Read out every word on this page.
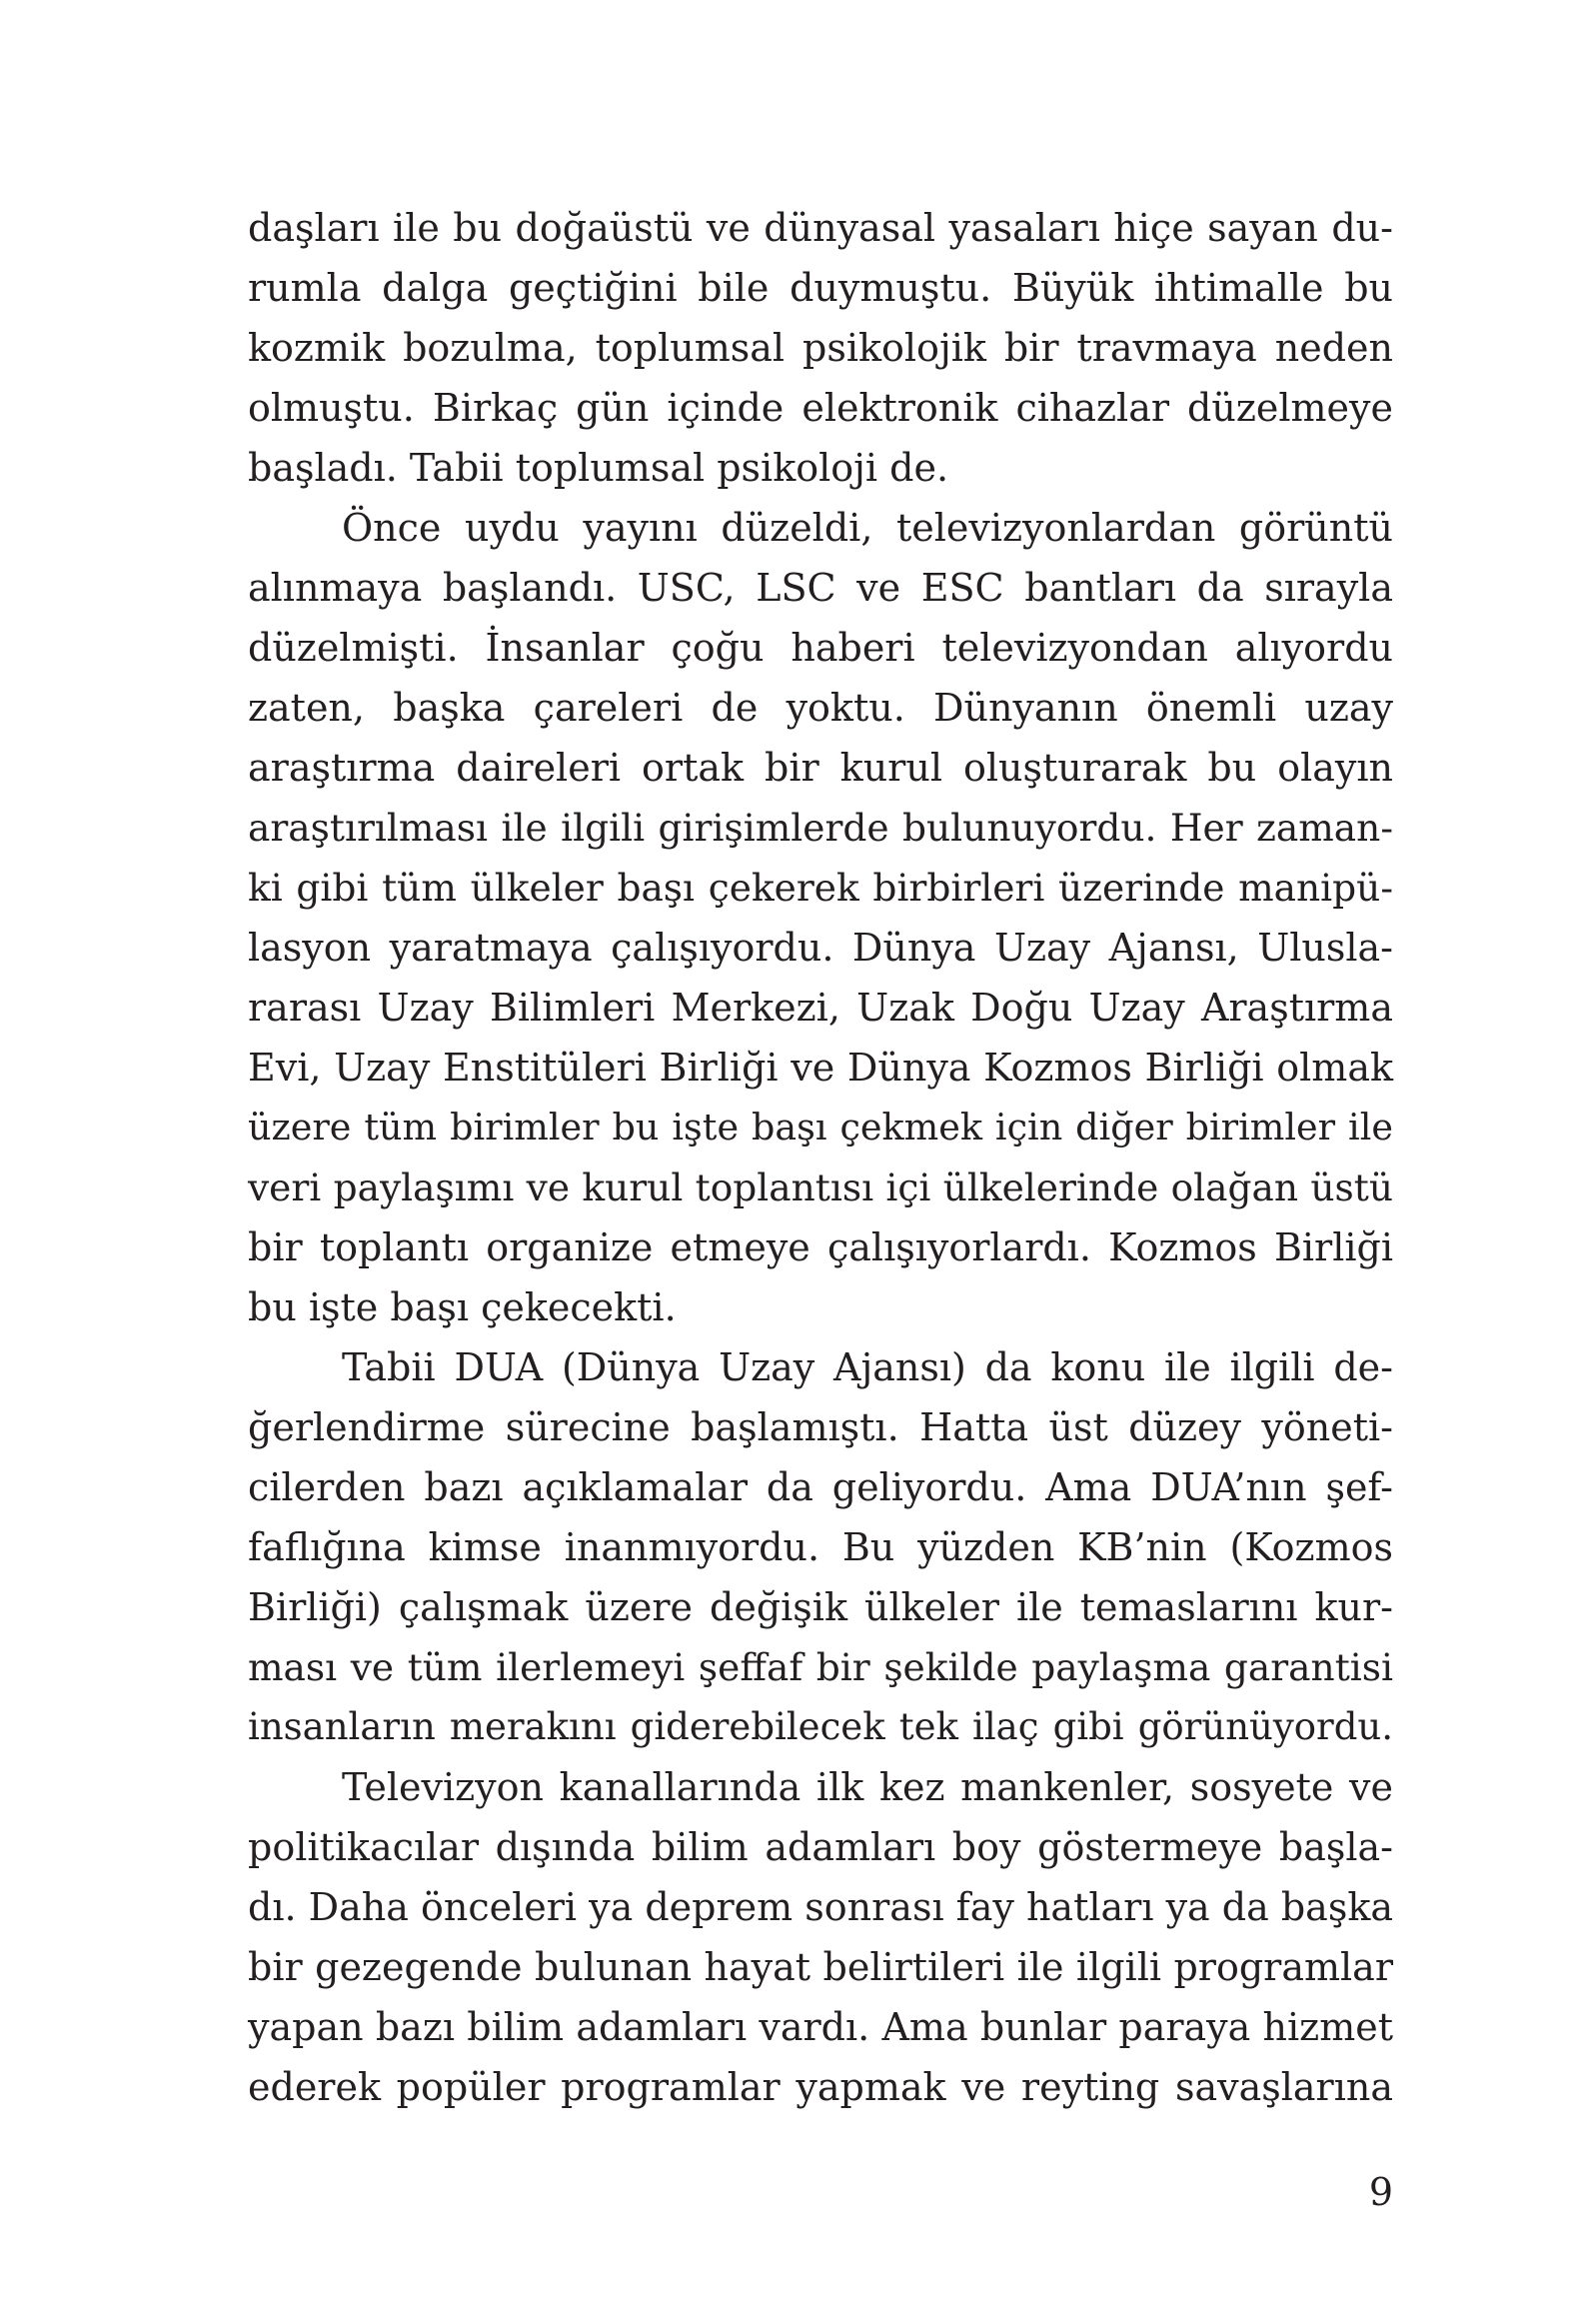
daşları ile bu doğaüstü ve dünyasal yasaları hiçe sayan du-
rumla dalga geçtiğini bile duymuştu. Büyük ihtimalle bu
kozmik bozulma, toplumsal psikolojik bir travmaya neden
olmuştu. Birkaç gün içinde elektronik cihazlar düzelmeye
başladı. Tabii toplumsal psikoloji de.
Önce uydu yayını düzeldi, televizyonlardan görüntü
alınmaya başlandı. USC, LSC ve ESC bantları da sırayla
düzelmişti. İnsanlar çoğu haberi televizyondan alıyordu
zaten, başka çareleri de yoktu. Dünyanın önemli uzay
araştırma daireleri ortak bir kurul oluşturarak bu olayın
araştırılması ile ilgili girişimlerde bulunuyordu. Her zaman-
ki gibi tüm ülkeler başı çekerek birbirleri üzerinde manipü-
lasyon yaratmaya çalışıyordu. Dünya Uzay Ajansı, Ulusla-
rarası Uzay Bilimleri Merkezi, Uzak Doğu Uzay Araştırma
Evi, Uzay Enstitüleri Birliği ve Dünya Kozmos Birliği olmak
üzere tüm birimler bu işte başı çekmek için diğer birimler ile
veri paylaşımı ve kurul toplantısı içi ülkelerinde olağan üstü
bir toplantı organize etmeye çalışıyorlardı. Kozmos Birliği
bu işte başı çekecekti.
Tabii DUA (Dünya Uzay Ajansı) da konu ile ilgili de-
ğerlendirme sürecine başlamıştı. Hatta üst düzey yöneti-
cilerden bazı açıklamalar da geliyordu. Ama DUA’nın şef-
faflığına kimse inanmıyordu. Bu yüzden KB’nin (Kozmos
Birliği) çalışmak üzere değişik ülkeler ile temaslarını kur-
ması ve tüm ilerlemeyi şeffaf bir şekilde paylaşma garantisi
insanların merakını giderebilecek tek ilaç gibi görünüyordu.
Televizyon kanallarında ilk kez mankenler, sosyete ve
politikacılar dışında bilim adamları boy göstermeye başla-
dı. Daha önceleri ya deprem sonrası fay hatları ya da başka
bir gezegende bulunan hayat belirtileri ile ilgili programlar
yapan bazı bilim adamları vardı. Ama bunlar paraya hizmet
ederek popüler programlar yapmak ve reyting savaşlarına
9
